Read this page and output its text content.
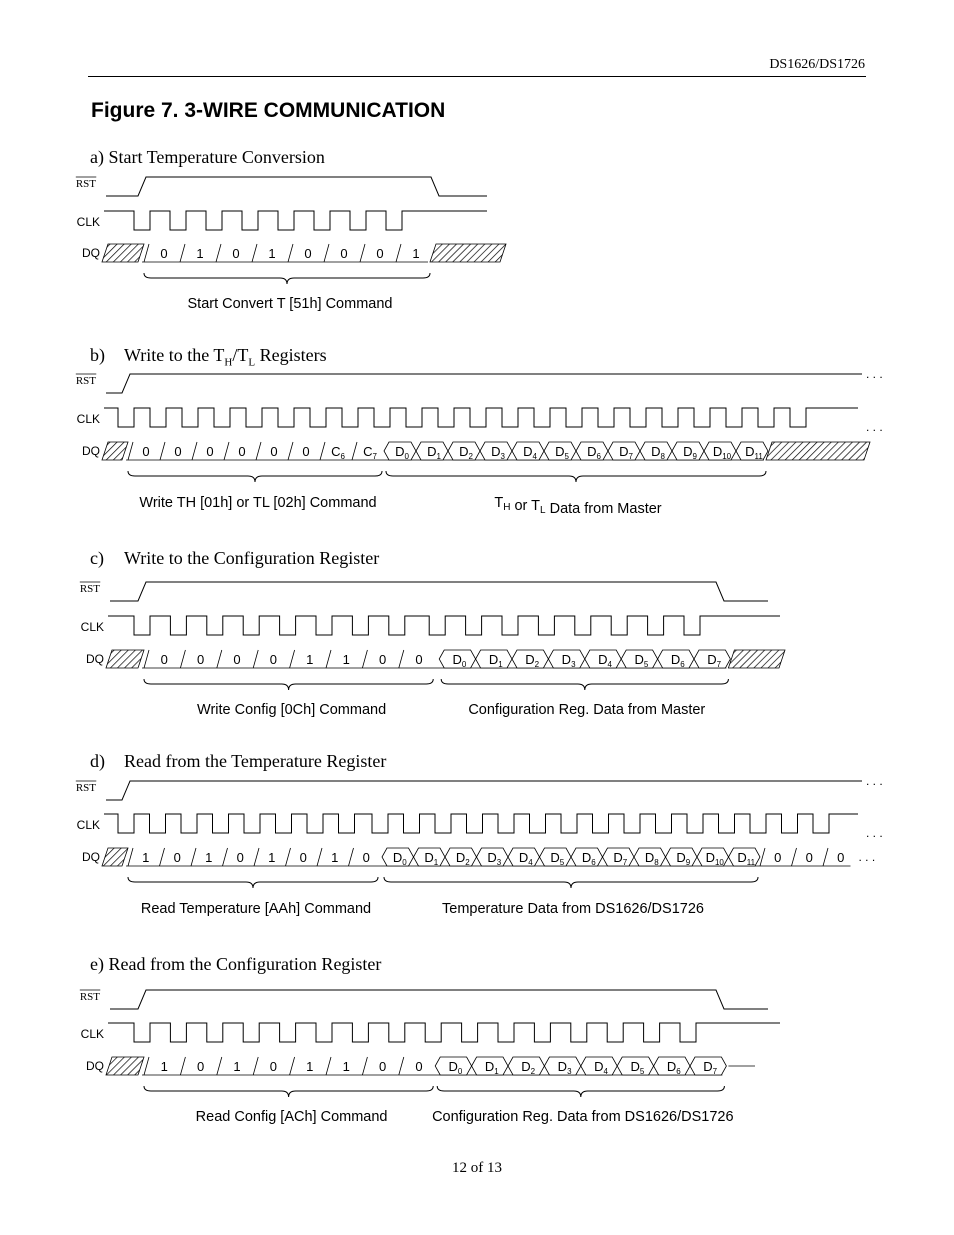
DS1626/DS1726
Figure 7. 3-WIRE COMMUNICATION
a) Start Temperature Conversion
b) Write to the $T_H/T_L$ Registers
c) Write to the Configuration Register
d) Read from the Temperature Register
e) Read from the Configuration Register
RST
CLK
DQ	0 1 0 1 0 0 0 1
Start Convert T [51h] Command
RST
CLK
DQ
. . .
. . .
0 0 0 0 0 0 $C_6$ $C_7$ $D_0$ $D_1$ $D_2$ $D_3$ $D_4$ $D_5$ $D_6$ $D_7$ $D_8$ $D_9$ $D_{10}$ $D_{11}$
Write TH [01h] or TL [02h] Command	$T_H$ or $T_L$ Data from Master
RST
CLK
DQ	0 0 0 0 1 1 0 0 $D_0$ $D_1$ $D_2$ $D_3$ $D_4$ $D_5$ $D_6$ $D_7$
Write Config [0Ch] Command	Configuration Reg. Data from Master
RST
CLK
DQ
. . .
. . .
1 0 1 0 1 0 1 0 $D_0$ $D_1$ $D_2$ $D_3$ $D_4$ $D_5$ $D_6$ $D_7$ $D_8$ $D_9$ $D_{10}$ $D_{11}$ 0 0 0 . . .
Read Temperature [AAh] Command	Temperature Data from DS1626/DS1726
RST
CLK
DQ	1 0 1 0 1 1 0 0 $D_0$ $D_1$ $D_2$ $D_3$ $D_4$ $D_5$ $D_6$ $D_7$
Read Config [ACh] Command	Configuration Reg. Data from DS1626/DS1726
12 of 13
